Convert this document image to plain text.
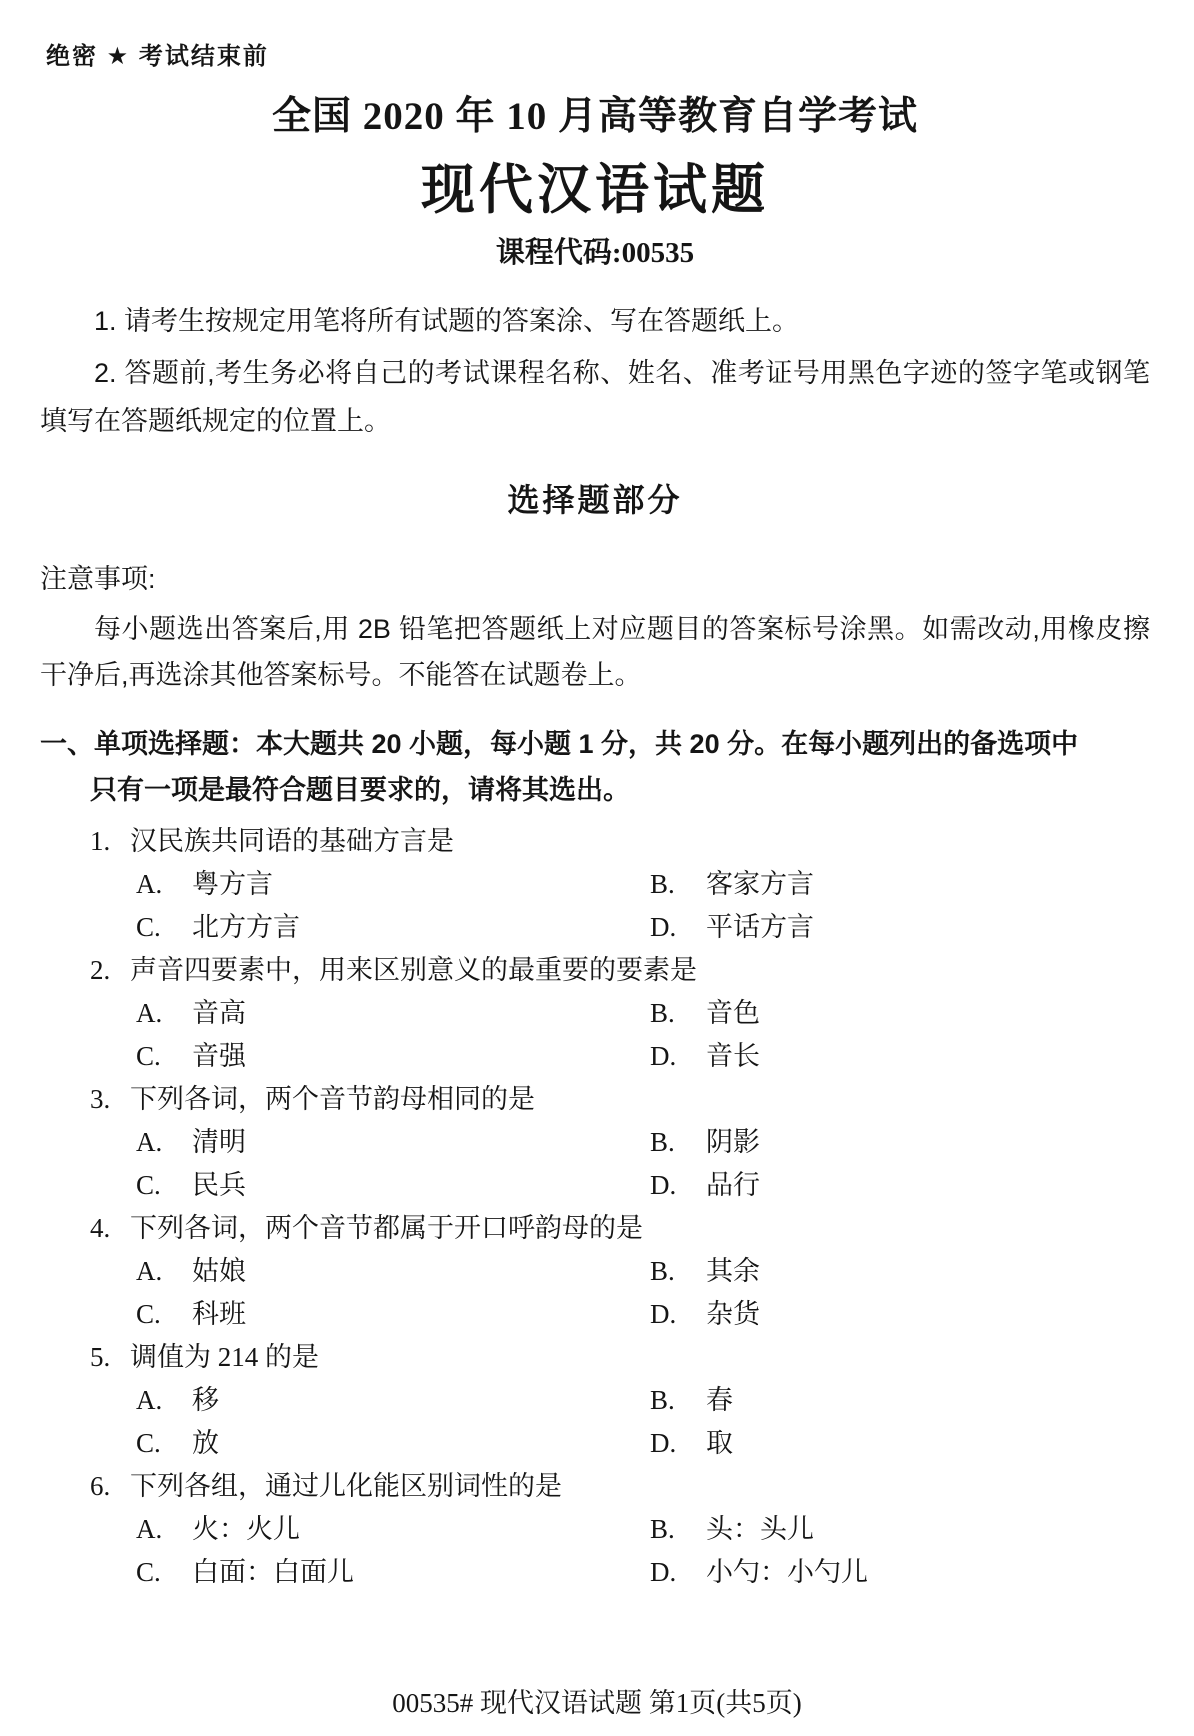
绝密 ★ 考试结束前
全国 2020 年 10 月高等教育自学考试
现代汉语试题
课程代码:00535

1. 请考生按规定用笔将所有试题的答案涂、写在答题纸上。

2. 答题前,考生务必将自己的考试课程名称、姓名、准考证号用黑色字迹的签字笔或钢笔填写在答题纸规定的位置上。

选择题部分
注意事项:

每小题选出答案后,用 2B 铅笔把答题纸上对应题目的答案标号涂黑。如需改动,用橡皮擦干净后,再选涂其他答案标号。不能答在试题卷上。

一、单项选择题：本大题共 20 小题，每小题 1 分，共 20 分。在每小题列出的备选项中
只有一项是最符合题目要求的，请将其选出。
1. 汉民族共同语的基础方言是
A. 粤方言	B. 客家方言
C. 北方方言	D. 平话方言
2. 声音四要素中，用来区别意义的最重要的要素是
A. 音高	B. 音色
C. 音强	D. 音长
3. 下列各词，两个音节韵母相同的是
A. 清明	B. 阴影
C. 民兵	D. 品行
4. 下列各词，两个音节都属于开口呼韵母的是
A. 姑娘	B. 其余
C. 科班	D. 杂货
5. 调值为 214 的是
A. 移	B. 春
C. 放	D. 取
6. 下列各组，通过儿化能区别词性的是
A. 火：火儿	B. 头：头儿
C. 白面：白面儿	D. 小勺：小勺儿
00535# 现代汉语试题 第1页(共5页)
